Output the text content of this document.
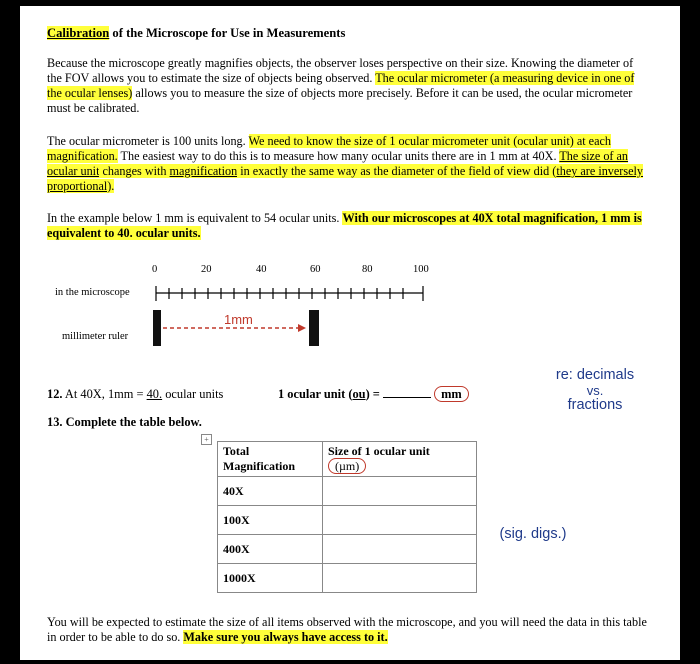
Calibration of the Microscope for Use in Measurements

Because the microscope greatly magnifies objects, the observer loses perspective on their size. Knowing the diameter of the FOV allows you to estimate the size of objects being observed. The ocular micrometer (a measuring device in one of the ocular lenses) allows you to measure the size of objects more precisely. Before it can be used, the ocular micrometer must be calibrated.

The ocular micrometer is 100 units long. We need to know the size of 1 ocular micrometer unit (ocular unit) at each magnification. The easiest way to do this is to measure how many ocular units there are in 1 mm at 40X. The size of an ocular unit changes with magnification in exactly the same way as the diameter of the field of view did (they are inversely proportional).

In the example below 1 mm is equivalent to 54 ocular units. With our microscopes at 40X total magnification, 1 mm is equivalent to 40. ocular units.

0	20	40	60	80	100
in the microscope
millimeter ruler
1mm
re: decimals
vs.
fractions
(sig. digs.)
12. At 40X, 1mm = 40. ocular units	1 ocular unit (ou) =	mm
13. Complete the table below.
+
Total
Magnification	Size of 1 ocular unit
(µm)
40X	
100X	
400X	
1000X	

You will be expected to estimate the size of all items observed with the microscope, and you will need the data in this table in order to be able to do so. Make sure you always have access to it.
